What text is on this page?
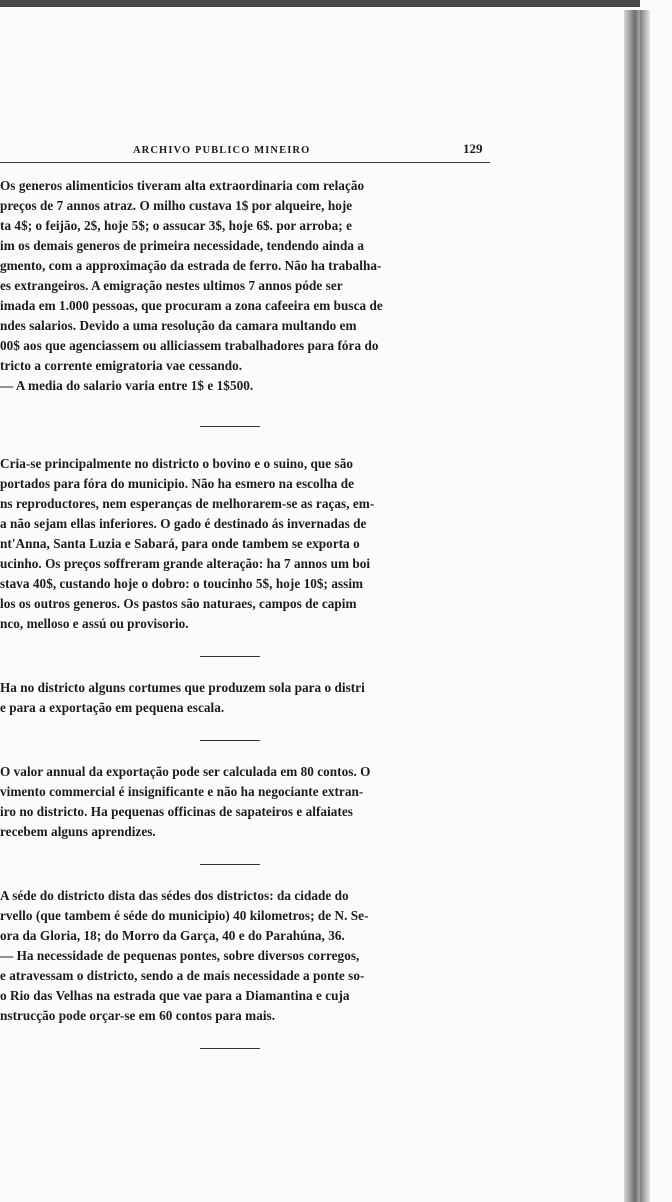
ARCHIVO PUBLICO MINEIRO	129
Os generos alimenticios tiveram alta extraordinaria com relação
preços de 7 annos atraz. O milho custava 1$ por alqueire, hoje
ta 4$; o feijão, 2$, hoje 5$; o assucar 3$, hoje 6$. por arroba; e
im os demais generos de primeira necessidade, tendendo ainda a
gmento, com a approximação da estrada de ferro. Não ha trabalha-
es extrangeiros. A emigração nestes ultimos 7 annos póde ser
imada em 1.000 pessoas, que procuram a zona cafeeira em busca de
ndes salarios. Devido a uma resolução da camara multando em
00$ aos que agenciassem ou alliciassem trabalhadores para fóra do
tricto a corrente emigratoria vae cessando.
— A media do salario varia entre 1$ e 1$500.
Cria-se principalmente no districto o bovino e o suino, que são
portados para fóra do municipio. Não ha esmero na escolha de
ns reproductores, nem esperanças de melhorarem-se as raças, em-
a não sejam ellas inferiores. O gado é destinado ás invernadas de
nt'Anna, Santa Luzia e Sabará, para onde tambem se exporta o
ucinho. Os preços soffreram grande alteração: ha 7 annos um boi
stava 40$, custando hoje o dobro: o toucinho 5$, hoje 10$; assim
los os outros generos. Os pastos são naturaes, campos de capim
nco, melloso e assú ou provisorio.
Ha no districto alguns cortumes que produzem sola para o distri
e para a exportação em pequena escala.
O valor annual da exportação pode ser calculada em 80 contos. O
vimento commercial é insignificante e não ha negociante extran-
iro no districto. Ha pequenas officinas de sapateiros e alfaiates
recebem alguns aprendizes.
A séde do districto dista das sédes dos districtos: da cidade do
rvello (que tambem é séde do municipio) 40 kilometros; de N. Se-
ora da Gloria, 18; do Morro da Garça, 40 e do Parahúna, 36.
— Ha necessidade de pequenas pontes, sobre diversos corregos,
e atravessam o districto, sendo a de mais necessidade a ponte so-
o Rio das Velhas na estrada que vae para a Diamantina e cuja
nstrucção pode orçar-se em 60 contos para mais.
